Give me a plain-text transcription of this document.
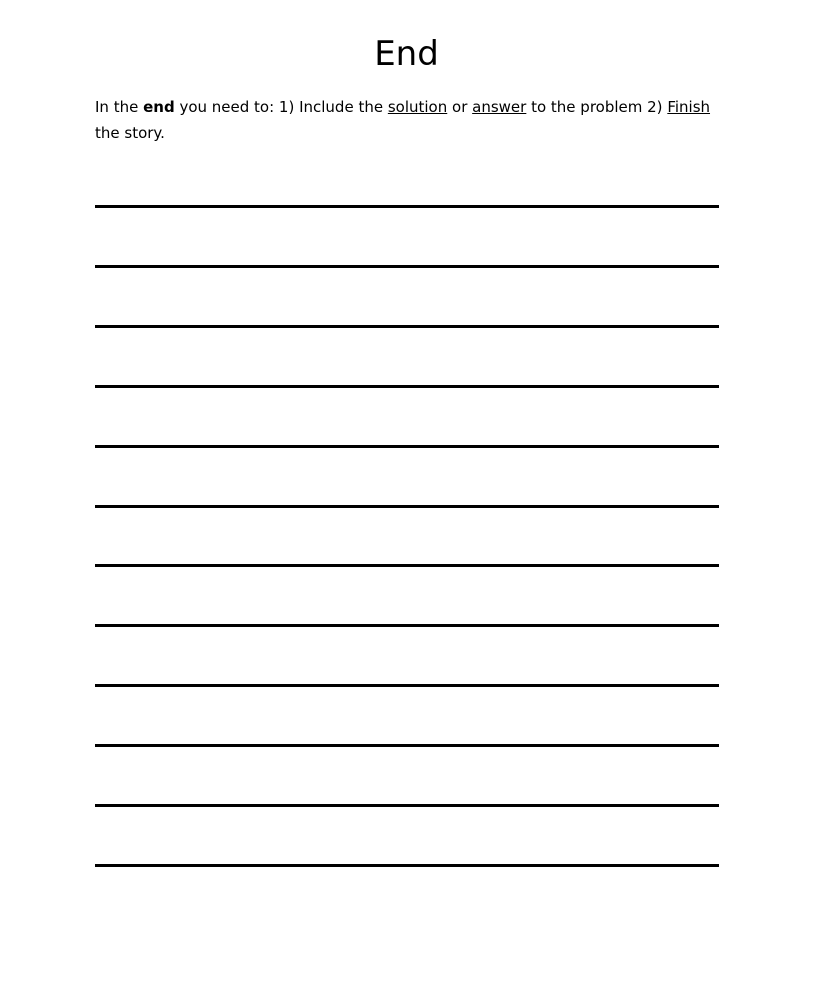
End

In the end you need to: 1) Include the solution or answer to the problem 2) Finish the story.
